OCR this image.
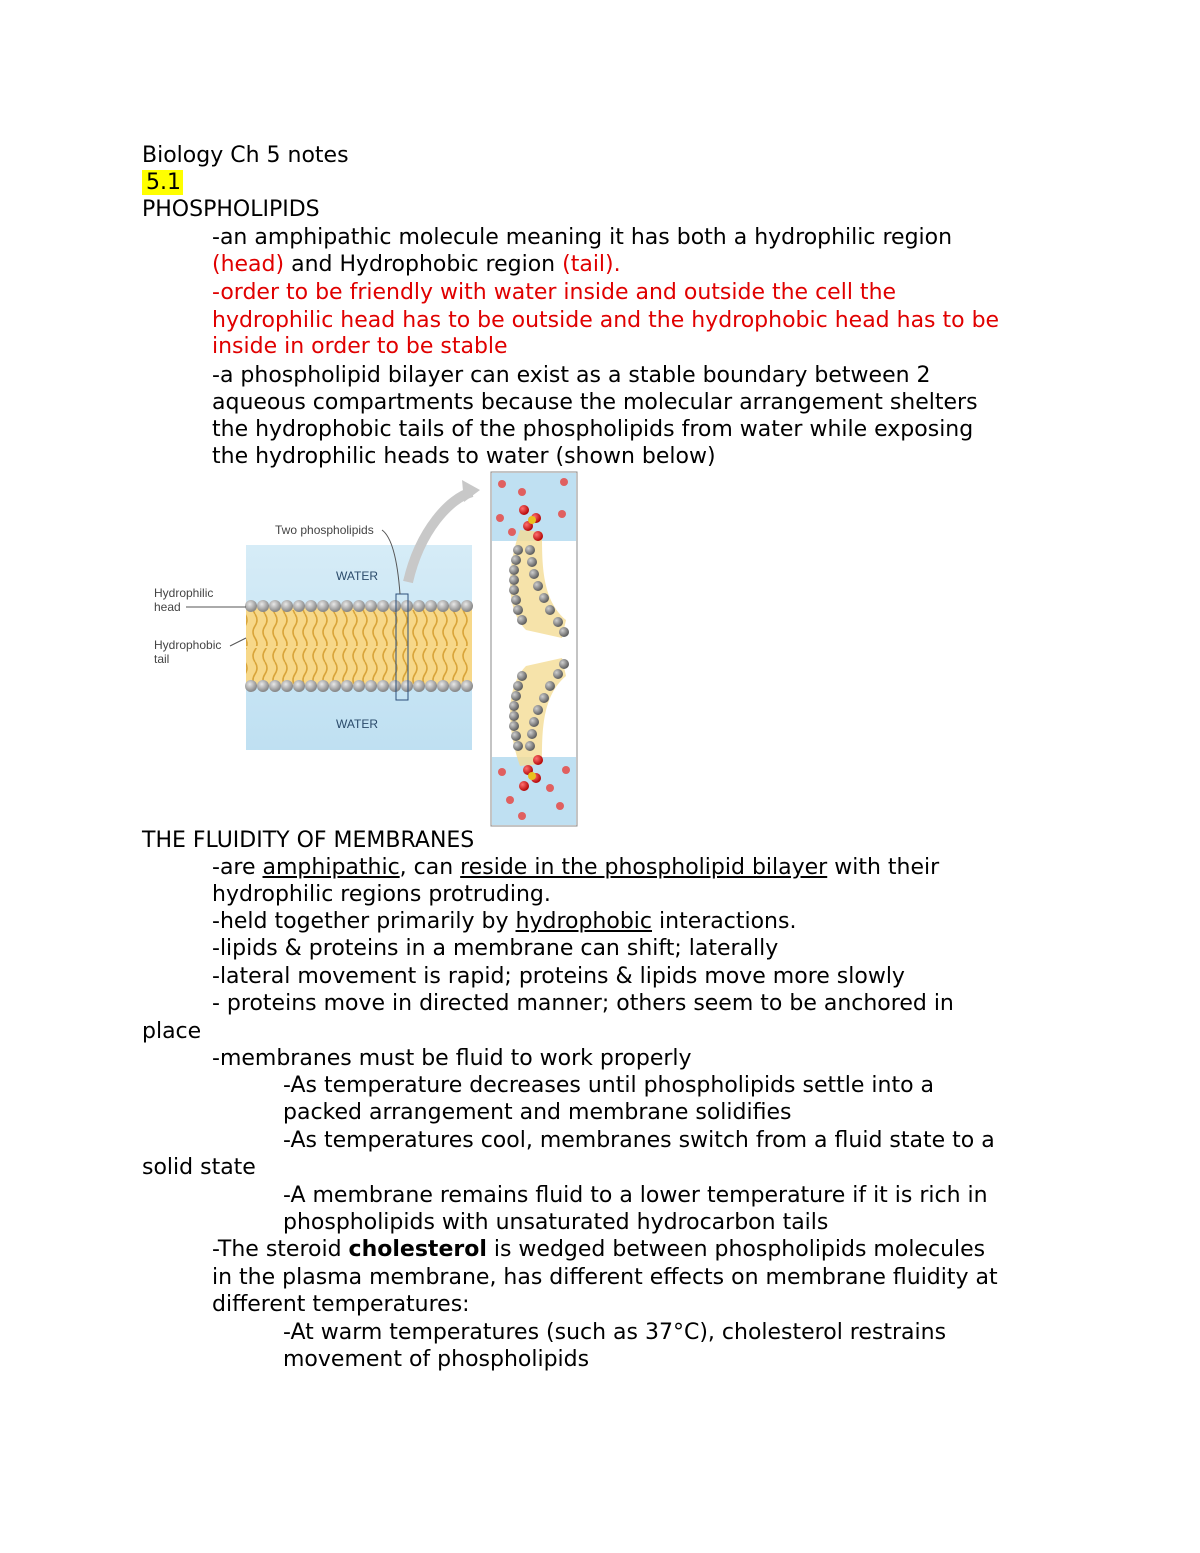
Biology Ch 5 notes
5.1
PHOSPHOLIPIDS
-an amphipathic molecule meaning it has both a hydrophilic region
(head) and Hydrophobic region (tail).
-order to be friendly with water inside and outside the cell the
hydrophilic head has to be outside and the hydrophobic head has to be
inside in order to be stable
-a phospholipid bilayer can exist as a stable boundary between 2
aqueous compartments because the molecular arrangement shelters
the hydrophobic tails of the phospholipids from water while exposing
the hydrophilic heads to water (shown below)
Two phospholipids
WATER
WATER
Hydrophilic
head
Hydrophobic
tail
THE FLUIDITY OF MEMBRANES
-are amphipathic, can reside in the phospholipid bilayer with their
hydrophilic regions protruding.
-held together primarily by hydrophobic interactions.
-lipids & proteins in a membrane can shift; laterally
-lateral movement is rapid; proteins & lipids move more slowly
- proteins move in directed manner; others seem to be anchored in
place
-membranes must be fluid to work properly
-As temperature decreases until phospholipids settle into a
packed arrangement and membrane solidifies
-As temperatures cool, membranes switch from a fluid state to a
solid state
-A membrane remains fluid to a lower temperature if it is rich in
phospholipids with unsaturated hydrocarbon tails
-The steroid cholesterol is wedged between phospholipids molecules
in the plasma membrane, has different effects on membrane fluidity at
different temperatures:
-At warm temperatures (such as 37°C), cholesterol restrains
movement of phospholipids
